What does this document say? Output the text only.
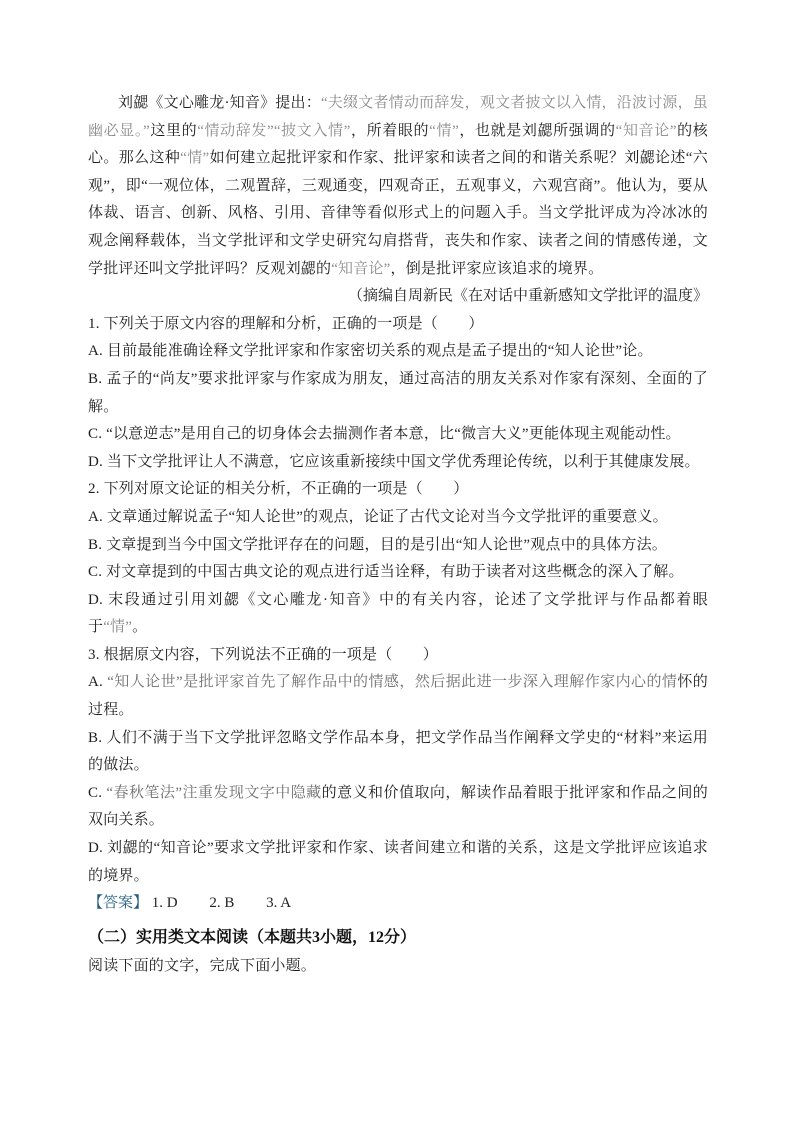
刘勰《文心雕龙·知音》提出：“夫缀文者情动而辞发，观文者披文以入情，沿波讨源，虽幽必显。”这里的“情动辞发”“披文入情”，所着眼的“情”，也就是刘勰所强调的“知音论”的核心。那么这种“情”如何建立起批评家和作家、批评家和读者之间的和谐关系呢？刘勰论述“六观”，即“一观位体，二观置辞，三观通变，四观奇正，五观事义，六观宫商”。他认为，要从体裁、语言、创新、风格、引用、音律等看似形式上的问题入手。当文学批评成为冷冰冰的观念阐释载体，当文学批评和文学史研究勾肩搭背，丧失和作家、读者之间的情感传递，文学批评还叫文学批评吗？反观刘勰的“知音论”，倒是批评家应该追求的境界。

（摘编自周新民《在对话中重新感知文学批评的温度》

1. 下列关于原文内容的理解和分析，正确的一项是（　　）

A. 目前最能准确诠释文学批评家和作家密切关系的观点是孟子提出的“知人论世”论。

B. 孟子的“尚友”要求批评家与作家成为朋友，通过高洁的朋友关系对作家有深刻、全面的了解。

C. “以意逆志”是用自己的切身体会去揣测作者本意，比“微言大义”更能体现主观能动性。

D. 当下文学批评让人不满意，它应该重新接续中国文学优秀理论传统，以利于其健康发展。

2. 下列对原文论证的相关分析，不正确的一项是（　　）

A. 文章通过解说孟子“知人论世”的观点，论证了古代文论对当今文学批评的重要意义。

B. 文章提到当今中国文学批评存在的问题，目的是引出“知人论世”观点中的具体方法。

C. 对文章提到的中国古典文论的观点进行适当诠释，有助于读者对这些概念的深入了解。

D. 末段通过引用刘勰《文心雕龙·知音》中的有关内容，论述了文学批评与作品都着眼于“情”。

3. 根据原文内容，下列说法不正确的一项是（　　）

A. “知人论世”是批评家首先了解作品中的情感，然后据此进一步深入理解作家内心的情怀的过程。

B. 人们不满于当下文学批评忽略文学作品本身，把文学作品当作阐释文学史的“材料”来运用的做法。

C. “春秋笔法”注重发现文字中隐藏的意义和价值取向，解读作品着眼于批评家和作品之间的双向关系。

D. 刘勰的“知音论”要求文学批评家和作家、读者间建立和谐的关系，这是文学批评应该追求的境界。

【答案】 1. D 2. B 3. A

（二）实用类文本阅读（本题共3小题，12分）

阅读下面的文字，完成下面小题。
